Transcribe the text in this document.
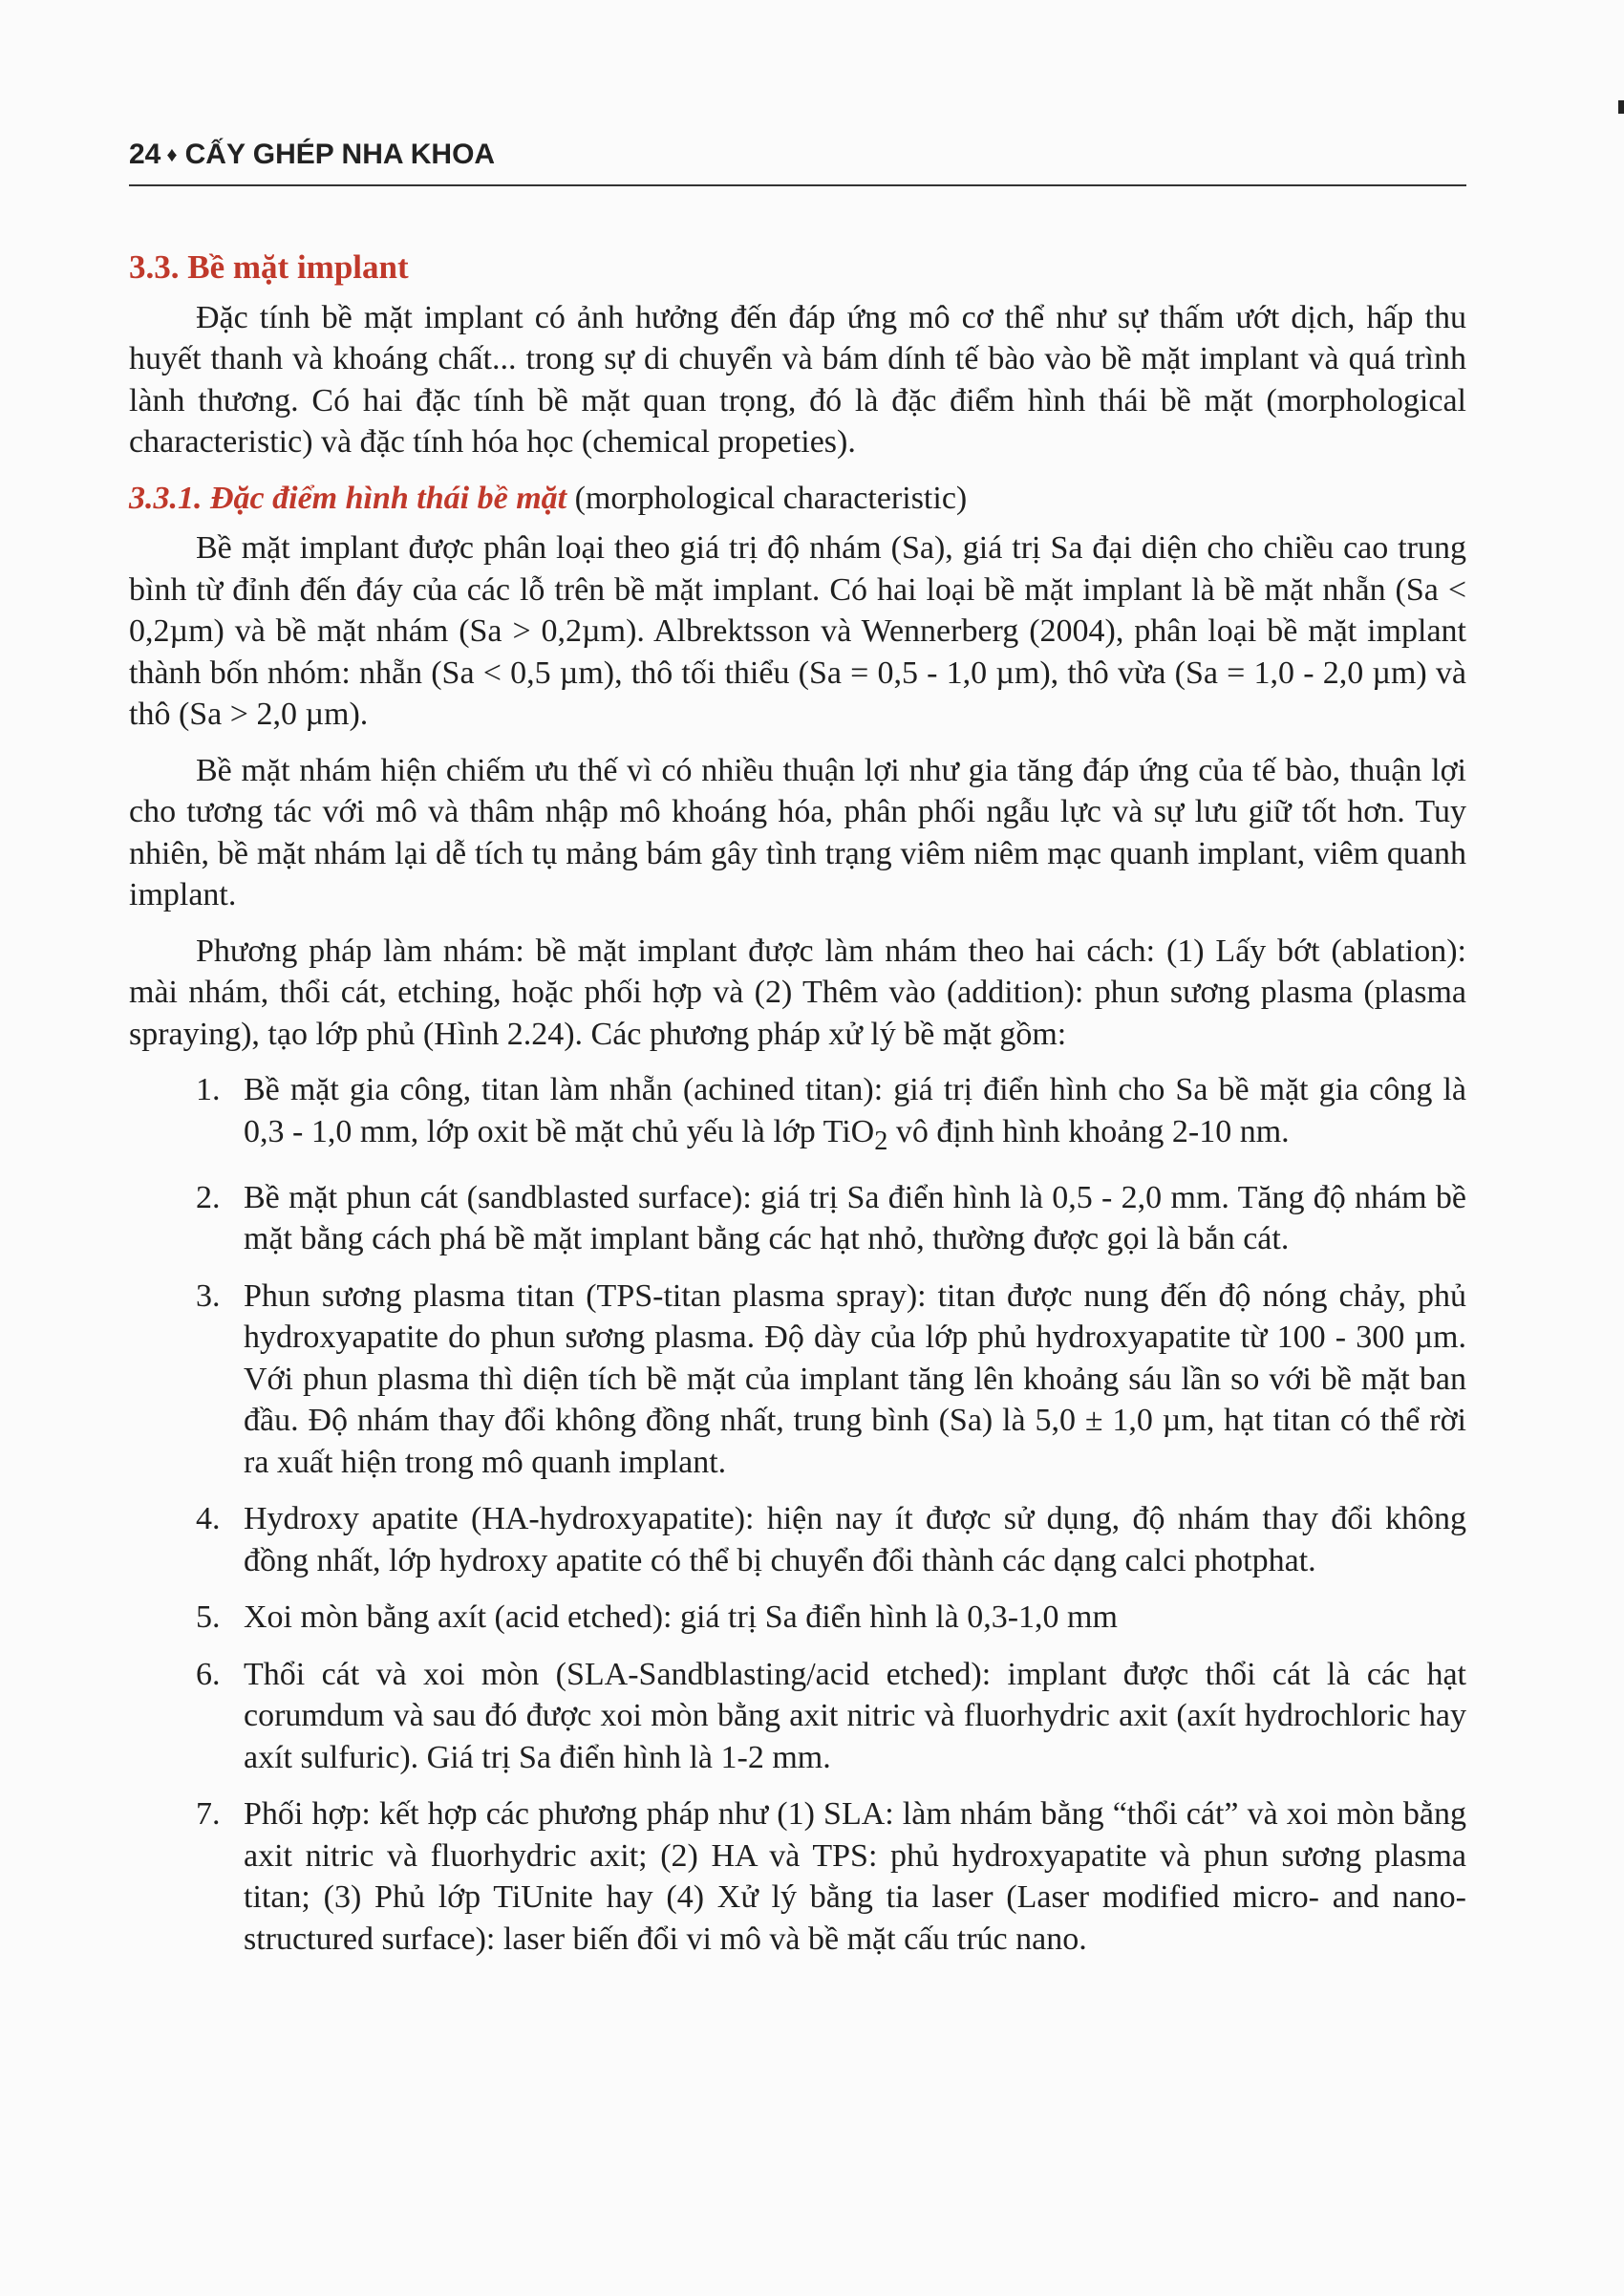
24 ♦ CẤY GHÉP NHA KHOA
3.3. Bề mặt implant

Đặc tính bề mặt implant có ảnh hưởng đến đáp ứng mô cơ thể như sự thấm ướt dịch, hấp thu huyết thanh và khoáng chất... trong sự di chuyển và bám dính tế bào vào bề mặt implant và quá trình lành thương. Có hai đặc tính bề mặt quan trọng, đó là đặc điểm hình thái bề mặt (morphological characteristic) và đặc tính hóa học (chemical propeties).

3.3.1. Đặc điểm hình thái bề mặt (morphological characteristic)

Bề mặt implant được phân loại theo giá trị độ nhám (Sa), giá trị Sa đại diện cho chiều cao trung bình từ đỉnh đến đáy của các lỗ trên bề mặt implant. Có hai loại bề mặt implant là bề mặt nhẵn (Sa < 0,2µm) và bề mặt nhám (Sa > 0,2µm). Albrektsson và Wennerberg (2004), phân loại bề mặt implant thành bốn nhóm: nhẵn (Sa < 0,5 µm), thô tối thiểu (Sa = 0,5 - 1,0 µm), thô vừa (Sa = 1,0 - 2,0 µm) và thô (Sa > 2,0 µm).

Bề mặt nhám hiện chiếm ưu thế vì có nhiều thuận lợi như gia tăng đáp ứng của tế bào, thuận lợi cho tương tác với mô và thâm nhập mô khoáng hóa, phân phối ngẫu lực và sự lưu giữ tốt hơn. Tuy nhiên, bề mặt nhám lại dễ tích tụ mảng bám gây tình trạng viêm niêm mạc quanh implant, viêm quanh implant.

Phương pháp làm nhám: bề mặt implant được làm nhám theo hai cách: (1) Lấy bớt (ablation): mài nhám, thổi cát, etching, hoặc phối hợp và (2) Thêm vào (addition): phun sương plasma (plasma spraying), tạo lớp phủ (Hình 2.24). Các phương pháp xử lý bề mặt gồm:

1. Bề mặt gia công, titan làm nhẵn (achined titan): giá trị điển hình cho Sa bề mặt gia công là 0,3 - 1,0 mm, lớp oxit bề mặt chủ yếu là lớp TiO$_2$ vô định hình khoảng 2-10 nm.
2. Bề mặt phun cát (sandblasted surface): giá trị Sa điển hình là 0,5 - 2,0 mm. Tăng độ nhám bề mặt bằng cách phá bề mặt implant bằng các hạt nhỏ, thường được gọi là bắn cát.
3. Phun sương plasma titan (TPS-titan plasma spray): titan được nung đến độ nóng chảy, phủ hydroxyapatite do phun sương plasma. Độ dày của lớp phủ hydroxyapatite từ 100 - 300 µm. Với phun plasma thì diện tích bề mặt của implant tăng lên khoảng sáu lần so với bề mặt ban đầu. Độ nhám thay đổi không đồng nhất, trung bình (Sa) là 5,0 ± 1,0 µm, hạt titan có thể rời ra xuất hiện trong mô quanh implant.
4. Hydroxy apatite (HA-hydroxyapatite): hiện nay ít được sử dụng, độ nhám thay đổi không đồng nhất, lớp hydroxy apatite có thể bị chuyển đổi thành các dạng calci photphat.
5. Xoi mòn bằng axít (acid etched): giá trị Sa điển hình là 0,3-1,0 mm
6. Thổi cát và xoi mòn (SLA-Sandblasting/acid etched): implant được thổi cát là các hạt corumdum và sau đó được xoi mòn bằng axit nitric và fluorhydric axit (axít hydrochloric hay axít sulfuric). Giá trị Sa điển hình là 1-2 mm.
7. Phối hợp: kết hợp các phương pháp như (1) SLA: làm nhám bằng “thổi cát” và xoi mòn bằng axit nitric và fluorhydric axit; (2) HA và TPS: phủ hydroxyapatite và phun sương plasma titan; (3) Phủ lớp TiUnite hay (4) Xử lý bằng tia laser (Laser modified micro- and nano-structured surface): laser biến đổi vi mô và bề mặt cấu trúc nano.
